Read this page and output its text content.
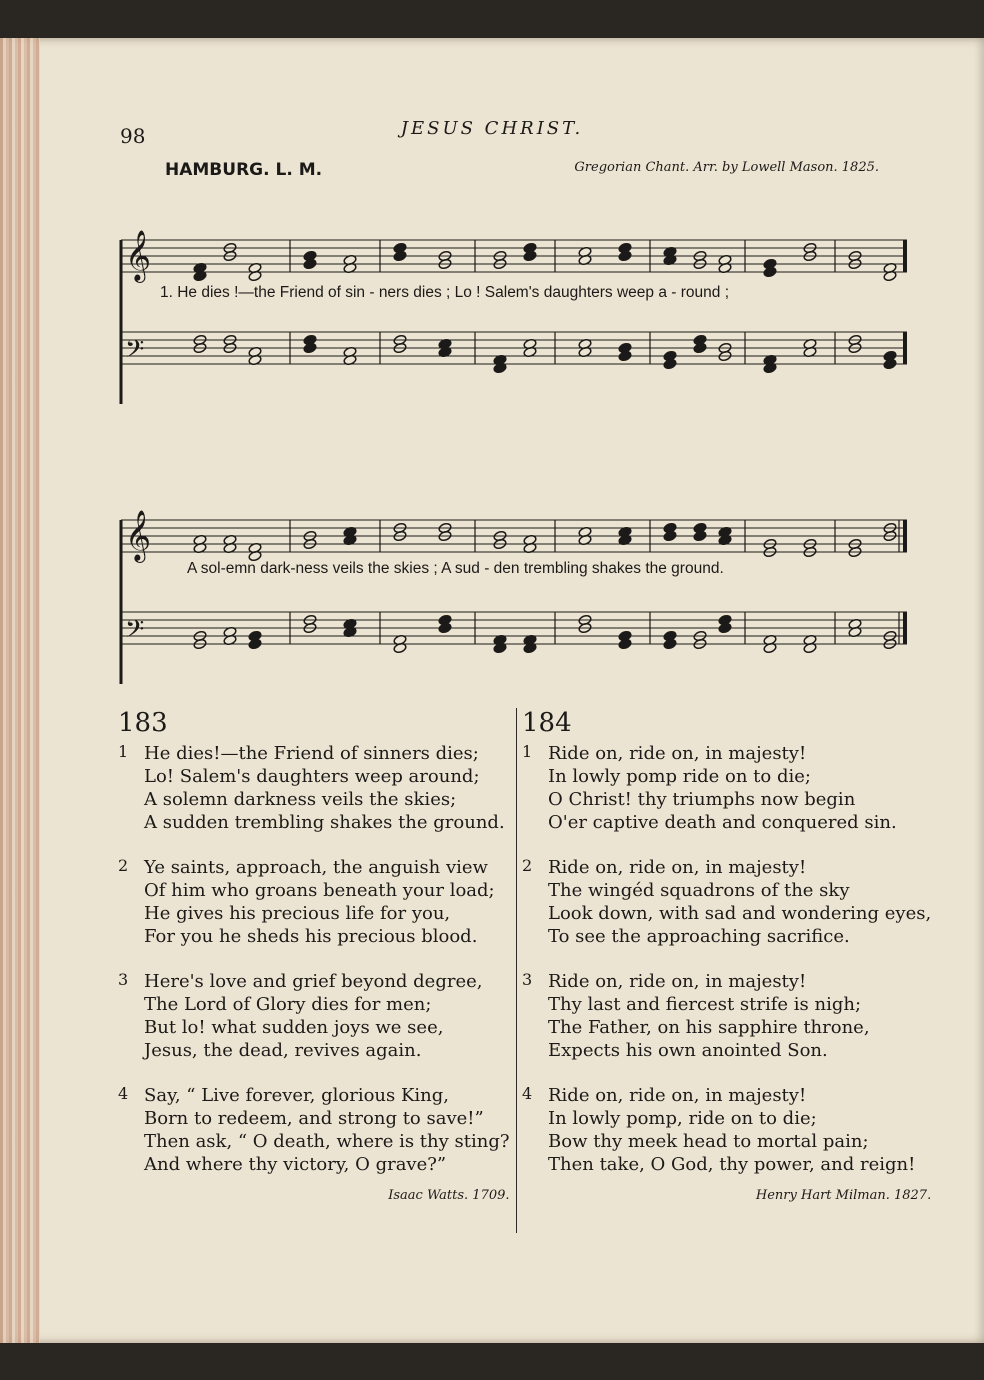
98	JESUS CHRIST.
HAMBURG. L. M.	Gregorian Chant. Arr. by Lowell Mason. 1825.
𝄞
𝄢
1. He dies !—the Friend of sin - ners dies ; Lo ! Salem's daughters weep a - round ;
𝄞
𝄢
A sol-emn dark-ness veils the skies ; A sud - den trembling shakes the ground.
183
1 He dies!—the Friend of sinners dies;
Lo! Salem's daughters weep around;
A solemn darkness veils the skies;
A sudden trembling shakes the ground.
2 Ye saints, approach, the anguish view
Of him who groans beneath your load;
He gives his precious life for you,
For you he sheds his precious blood.
3 Here's love and grief beyond degree,
The Lord of Glory dies for men;
But lo! what sudden joys we see,
Jesus, the dead, revives again.
4 Say, “ Live forever, glorious King,
Born to redeem, and strong to save!”
Then ask, “ O death, where is thy sting?
And where thy victory, O grave?”
Isaac Watts. 1709.
184
1 Ride on, ride on, in majesty!
In lowly pomp ride on to die;
O Christ! thy triumphs now begin
O'er captive death and conquered sin.
2 Ride on, ride on, in majesty!
The wingéd squadrons of the sky
Look down, with sad and wondering eyes,
To see the approaching sacrifice.
3 Ride on, ride on, in majesty!
Thy last and fiercest strife is nigh;
The Father, on his sapphire throne,
Expects his own anointed Son.
4 Ride on, ride on, in majesty!
In lowly pomp, ride on to die;
Bow thy meek head to mortal pain;
Then take, O God, thy power, and reign!
Henry Hart Milman. 1827.
